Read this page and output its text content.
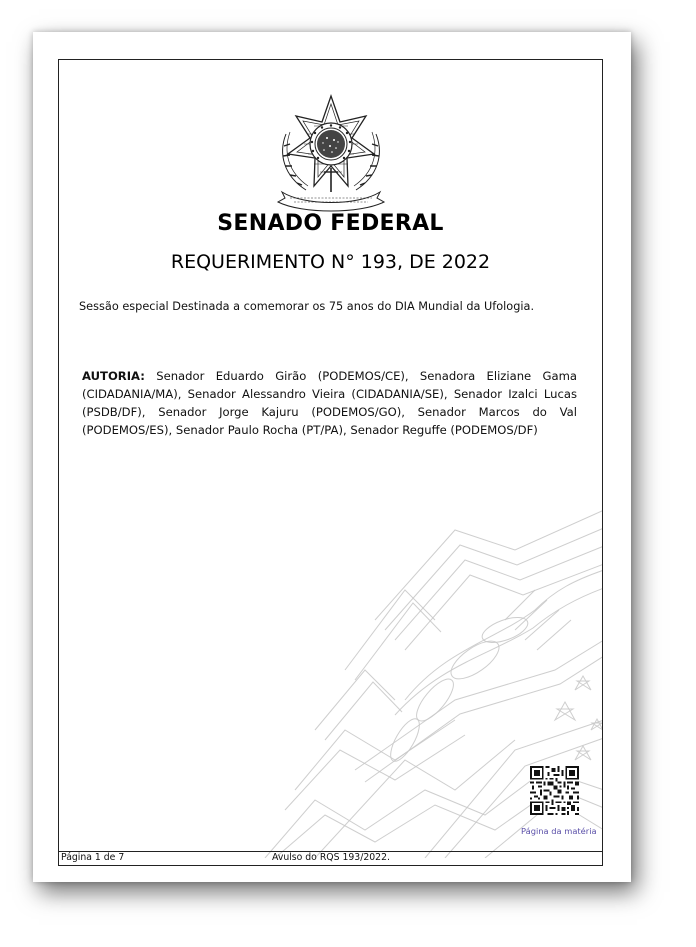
SENADO FEDERAL
REQUERIMENTO N° 193, DE 2022
Sessão especial Destinada a comemorar os 75 anos do DIA Mundial da Ufologia.
AUTORIA: Senador Eduardo Girão (PODEMOS/CE), Senadora Eliziane Gama (CIDADANIA/MA), Senador Alessandro Vieira (CIDADANIA/SE), Senador Izalci Lucas (PSDB/DF), Senador Jorge Kajuru (PODEMOS/GO), Senador Marcos do Val (PODEMOS/ES), Senador Paulo Rocha (PT/PA), Senador Reguffe (PODEMOS/DF)
Página da matéria
Página 1 de 7	Avulso do RQS 193/2022.
